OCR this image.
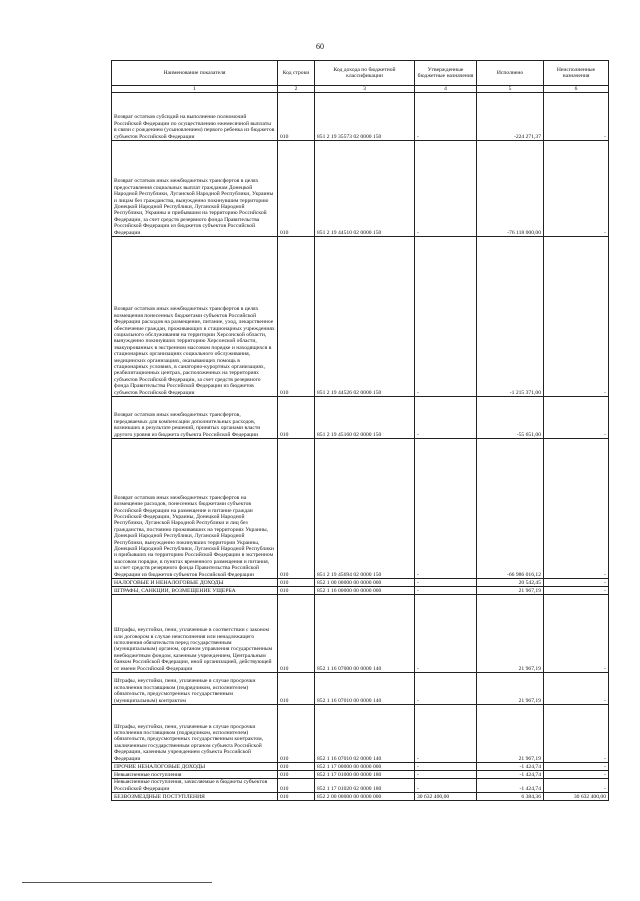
60
Наименование показателя	Код строки	Код дохода по бюджетной классификации	Утвержденные бюджетные назначения	Исполнено	Неисполненные назначения
1	2	3	4	5	6
Возврат остатков субсидий на выполнение полномочий Российской Федерации по осуществлению ежемесячной выплаты в связи с рождением (усыновлением) первого ребенка из бюджетов субъектов Российской Федерации	010	851 2 19 35573 02 0000 150	-	-224 271,37	-
Возврат остатков иных межбюджетных трансфертов в целях предоставления социальных выплат гражданам Донецкой Народной Республики, Луганской Народной Республики, Украины и лицам без гражданства, вынужденно покинувшим территорию Донецкой Народной Республики, Луганской Народной Республики, Украины и прибывшим на территорию Российской Федерации, за счет средств резервного фонда Правительства Российской Федерации из бюджетов субъектов Российской Федерации	010	851 2 19 44510 02 0000 150	-	-76 118 000,00	-
Возврат остатков иных межбюджетных трансфертов в целях возмещения понесенных бюджетами субъектов Российской Федерации расходов на размещение, питание, уход, лекарственное обеспечение граждан, проживающих в стационарных учреждениях социального обслуживания на территории Херсонской области, вынужденно покинувших территорию Херсонской области, эвакуированных в экстренном массовом порядке и находящихся в стационарных организациях социального обслуживания, медицинских организациях, оказывающих помощь в стационарных условиях, в санаторно-курортных организациях, реабилитационных центрах, расположенных на территориях субъектов Российской Федерации, за счет средств резервного фонда Правительства Российской Федерации из бюджетов субъектов Российской Федерации	010	851 2 19 44526 02 0000 150	-	-1 215 371,00	-
Возврат остатков иных межбюджетных трансфертов, передаваемых для компенсации дополнительных расходов, возникших в результате решений, принятых органами власти другого уровня из бюджета субъекта Российской Федерации	010	851 2 19 45160 02 0000 150	-	-55 651,00	-
Возврат остатков иных межбюджетных трансфертов на возмещение расходов, понесенных бюджетами субъектов Российской Федерации на размещение и питание граждан Российской Федерации, Украины, Донецкой Народной Республики, Луганской Народной Республики и лиц без гражданства, постоянно проживавших на территориях Украины, Донецкой Народной Республики, Луганской Народной Республики, вынужденно покинувших территории Украины, Донецкой Народной Республики, Луганской Народной Республики и прибывших на территорию Российской Федерации в экстренном массовом порядке, в пунктах временного размещения и питания, за счет средств резервного фонда Правительства Российской Федерации из бюджетов субъектов Российской Федерации	010	851 2 19 45694 02 0000 150	-	-66 986 016,12	-
НАЛОГОВЫЕ И НЕНАЛОГОВЫЕ ДОХОДЫ	010	852 1 00 00000 00 0000 000	-	20 542,45	-
ШТРАФЫ, САНКЦИИ, ВОЗМЕЩЕНИЕ УЩЕРБА	010	852 1 16 00000 00 0000 000	-	21 967,19	-
Штрафы, неустойки, пени, уплаченные в соответствии с законом или договором в случае неисполнения или ненадлежащего исполнения обязательств перед государственным (муниципальным) органом, органом управления государственным внебюджетным фондом, казенным учреждением, Центральным банком Российской Федерации, иной организацией, действующей от имени Российской Федерации	010	852 1 16 07000 00 0000 140	-	21 967,19	-
Штрафы, неустойки, пени, уплаченные в случае просрочки исполнения поставщиком (подрядчиком, исполнителем) обязательств, предусмотренных государственным (муниципальным) контрактом	010	852 1 16 07010 00 0000 140	-	21 967,19	-
Штрафы, неустойки, пени, уплаченные в случае просрочки исполнения поставщиком (подрядчиком, исполнителем) обязательств, предусмотренных государственным контрактом, заключенным государственным органом субъекта Российской Федерации, казенным учреждением субъекта Российской Федерации	010	852 1 16 07010 02 0000 140	-	21 967,19	-
ПРОЧИЕ НЕНАЛОГОВЫЕ ДОХОДЫ	010	852 1 17 00000 00 0000 000	-	-1 424,74	-
Невыясненные поступления	010	852 1 17 01000 00 0000 180	-	-1 424,74	-
Невыясненные поступления, зачисляемые в бюджеты субъектов Российской Федерации	010	852 1 17 01020 02 0000 180	-	-1 424,74	-
БЕЗВОЗМЕЗДНЫЕ ПОСТУПЛЕНИЯ	010	852 2 00 00000 00 0000 000	30 632 400,00	6 384,36	30 632 400,00
